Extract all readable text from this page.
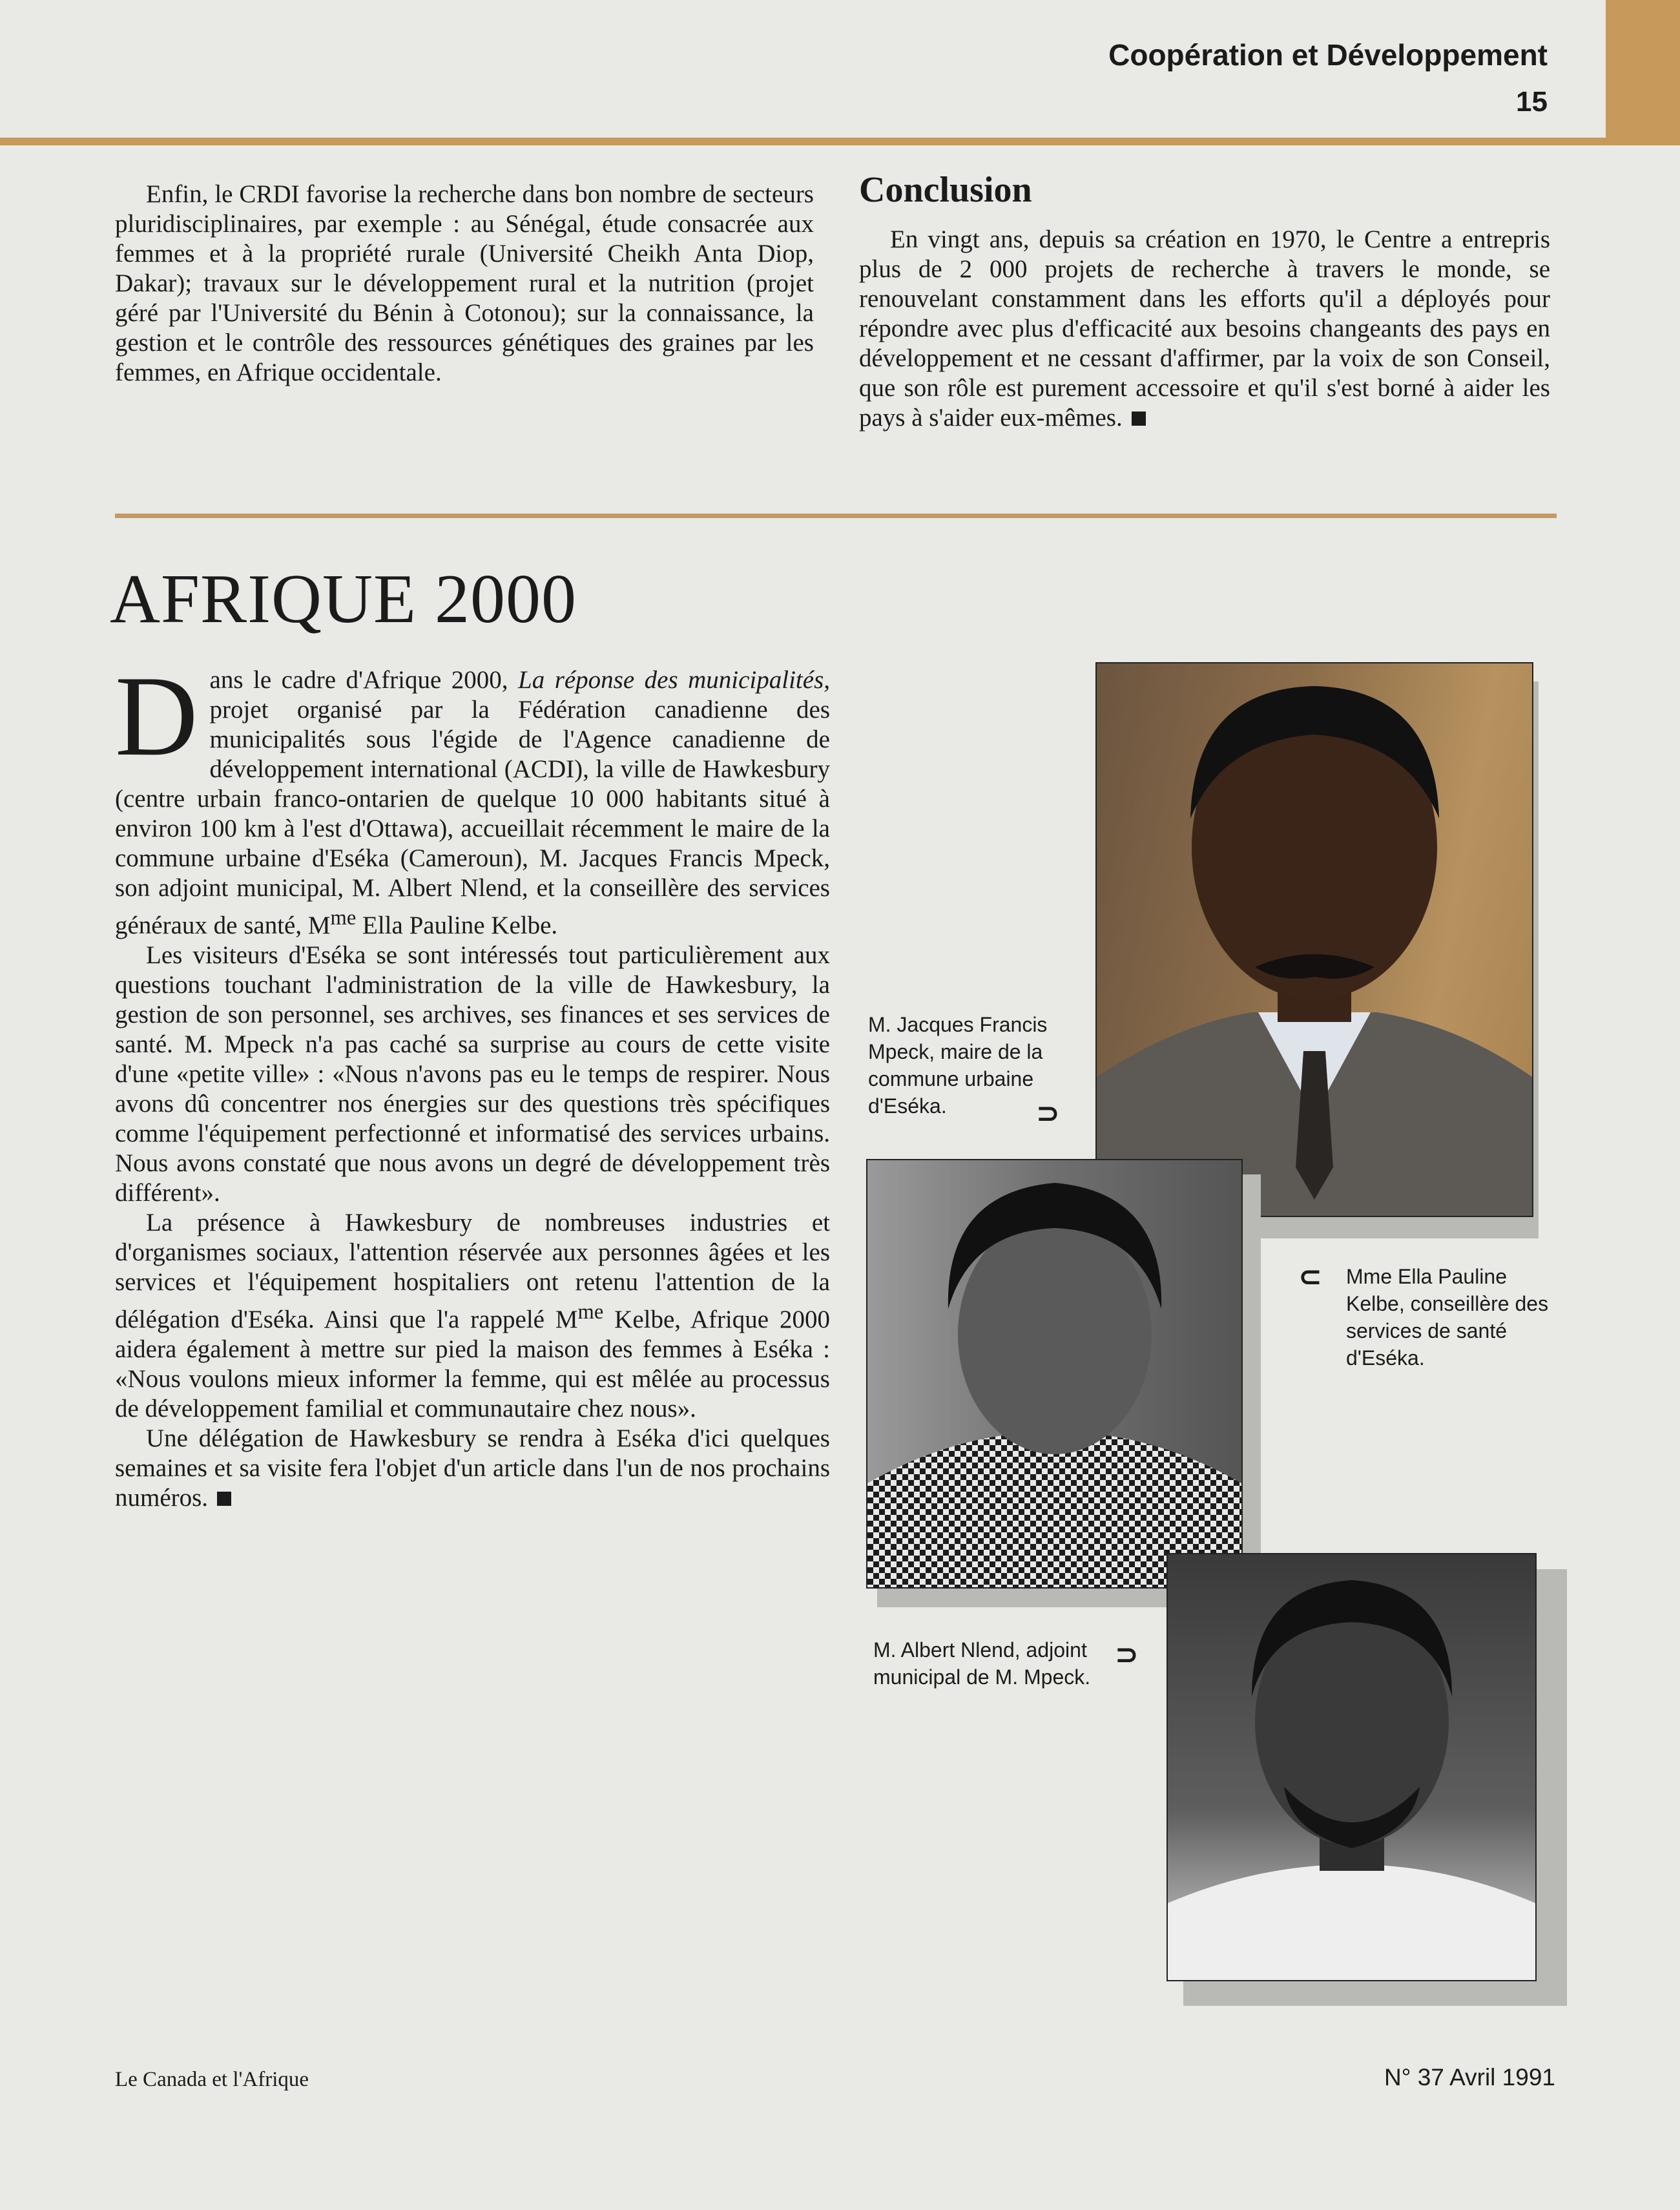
Coopération et Développement
15

Enfin, le CRDI favorise la recherche dans bon nombre de secteurs pluridisciplinaires, par exemple : au Sénégal, étude consacrée aux femmes et à la propriété rurale (Université Cheikh Anta Diop, Dakar); travaux sur le développement rural et la nutrition (projet géré par l'Université du Bénin à Cotonou); sur la connaissance, la gestion et le contrôle des ressources génétiques des graines par les femmes, en Afrique occidentale.

Conclusion

En vingt ans, depuis sa création en 1970, le Centre a entrepris plus de 2 000 projets de recherche à travers le monde, se renouvelant constamment dans les efforts qu'il a déployés pour répondre avec plus d'efficacité aux besoins changeants des pays en développement et ne cessant d'affirmer, par la voix de son Conseil, que son rôle est purement accessoire et qu'il s'est borné à aider les pays à s'aider eux-mêmes.

AFRIQUE 2000

Dans le cadre d'Afrique 2000, La réponse des municipalités, projet organisé par la Fédération canadienne des municipalités sous l'égide de l'Agence canadienne de développement international (ACDI), la ville de Hawkesbury (centre urbain franco-ontarien de quelque 10 000 habitants situé à environ 100 km à l'est d'Ottawa), accueillait récemment le maire de la commune urbaine d'Eséka (Cameroun), M. Jacques Francis Mpeck, son adjoint municipal, M. Albert Nlend, et la conseillère des services généraux de santé, $M^{me}$ Ella Pauline Kelbe.

Les visiteurs d'Eséka se sont intéressés tout particulièrement aux questions touchant l'administration de la ville de Hawkesbury, la gestion de son personnel, ses archives, ses finances et ses services de santé. M. Mpeck n'a pas caché sa surprise au cours de cette visite d'une «petite ville» : «Nous n'avons pas eu le temps de respirer. Nous avons dû concentrer nos énergies sur des questions très spécifiques comme l'équipement perfectionné et informatisé des services urbains. Nous avons constaté que nous avons un degré de développement très différent».

La présence à Hawkesbury de nombreuses industries et d'organismes sociaux, l'attention réservée aux personnes âgées et les services et l'équipement hospitaliers ont retenu l'attention de la délégation d'Eséka. Ainsi que l'a rappelé $M^{me}$ Kelbe, Afrique 2000 aidera également à mettre sur pied la maison des femmes à Eséka : «Nous voulons mieux informer la femme, qui est mêlée au processus de développement familial et communautaire chez nous».

Une délégation de Hawkesbury se rendra à Eséka d'ici quelques semaines et sa visite fera l'objet d'un article dans l'un de nos prochains numéros.

M. Jacques Francis Mpeck, maire de la commune urbaine d'Eséka.	⊃
⊂ Mme Ella Pauline Kelbe, conseillère des services de santé d'Eséka.
M. Albert Nlend, adjoint municipal de M. Mpeck.
⊃
Le Canada et l'Afrique	N° 37 Avril 1991
